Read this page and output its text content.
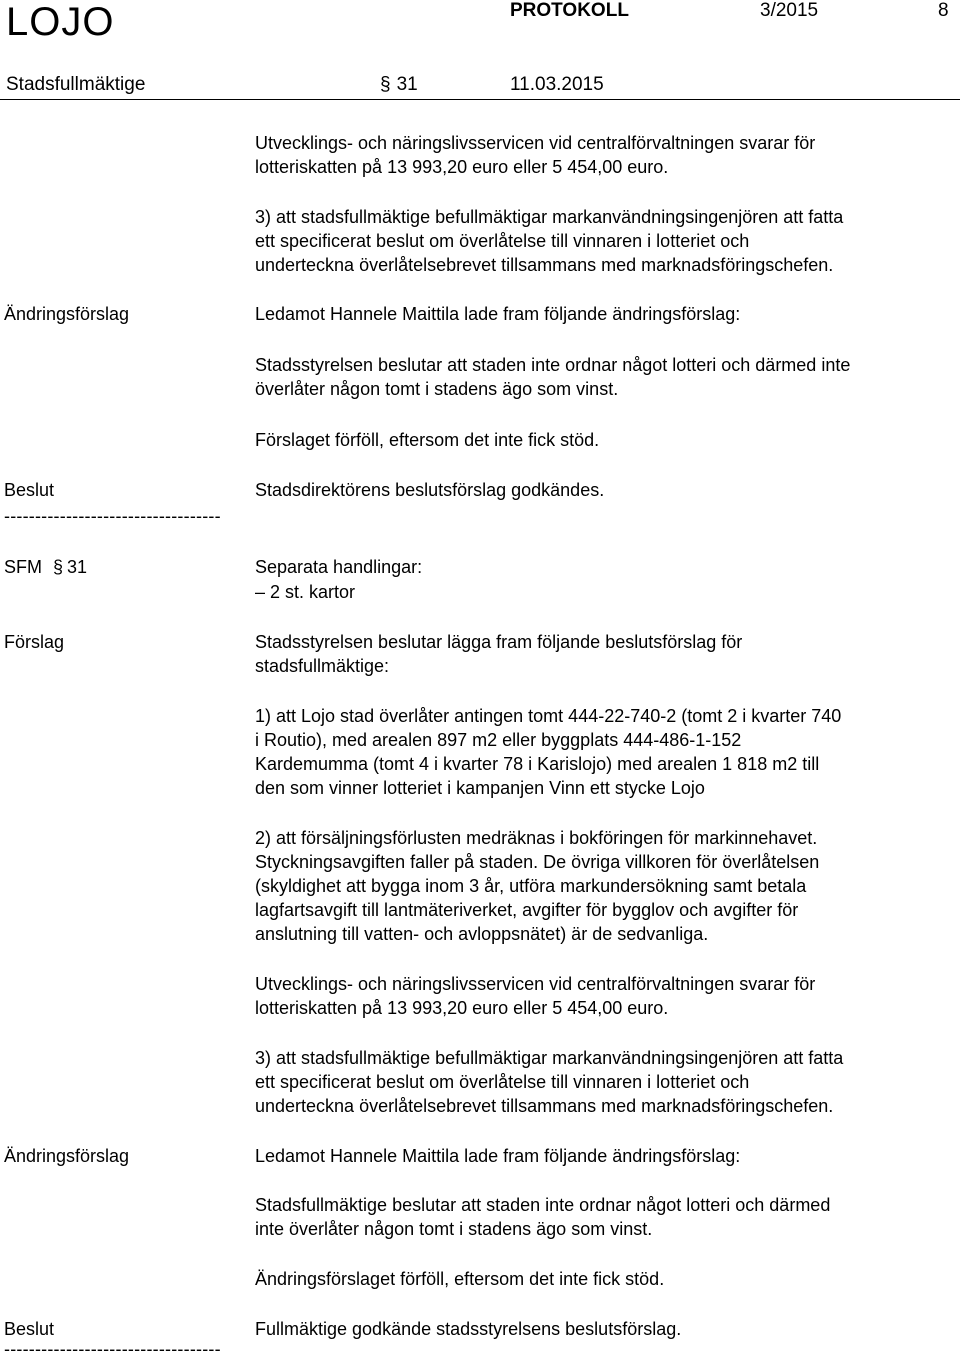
LOJO	PROTOKOLL	3/2015	8
Stadsfullmäktige	§ 31	11.03.2015
Utvecklings- och näringslivsservicen vid centralförvaltningen svarar för
lotteriskatten på 13 993,20 euro eller 5 454,00 euro.
3) att stadsfullmäktige befullmäktigar markanvändningsingenjören att fatta
ett specificerat beslut om överlåtelse till vinnaren i lotteriet och
underteckna överlåtelsebrevet tillsammans med marknadsföringschefen.
Ändringsförslag	Ledamot Hannele Maittila lade fram följande ändringsförslag:
Stadsstyrelsen beslutar att staden inte ordnar något lotteri och därmed inte
överlåter någon tomt i stadens ägo som vinst.
Förslaget förföll, eftersom det inte fick stöd.
Beslut	Stadsdirektörens beslutsförslag godkändes.
-----------------------------------
SFM § 31	Separata handlingar:
– 2 st. kartor
Förslag	Stadsstyrelsen beslutar lägga fram följande beslutsförslag för
stadsfullmäktige:
1) att Lojo stad överlåter antingen tomt 444-22-740-2 (tomt 2 i kvarter 740
i Routio), med arealen 897 m2 eller byggplats 444-486-1-152
Kardemumma (tomt 4 i kvarter 78 i Karislojo) med arealen 1 818 m2 till
den som vinner lotteriet i kampanjen Vinn ett stycke Lojo
2) att försäljningsförlusten medräknas i bokföringen för markinnehavet.
Styckningsavgiften faller på staden. De övriga villkoren för överlåtelsen
(skyldighet att bygga inom 3 år, utföra markundersökning samt betala
lagfartsavgift till lantmäteriverket, avgifter för bygglov och avgifter för
anslutning till vatten- och avloppsnätet) är de sedvanliga.
Utvecklings- och näringslivsservicen vid centralförvaltningen svarar för
lotteriskatten på 13 993,20 euro eller 5 454,00 euro.
3) att stadsfullmäktige befullmäktigar markanvändningsingenjören att fatta
ett specificerat beslut om överlåtelse till vinnaren i lotteriet och
underteckna överlåtelsebrevet tillsammans med marknadsföringschefen.
Ändringsförslag	Ledamot Hannele Maittila lade fram följande ändringsförslag:
Stadsfullmäktige beslutar att staden inte ordnar något lotteri och därmed
inte överlåter någon tomt i stadens ägo som vinst.
Ändringsförslaget förföll, eftersom det inte fick stöd.
Beslut	Fullmäktige godkände stadsstyrelsens beslutsförslag.
-----------------------------------
